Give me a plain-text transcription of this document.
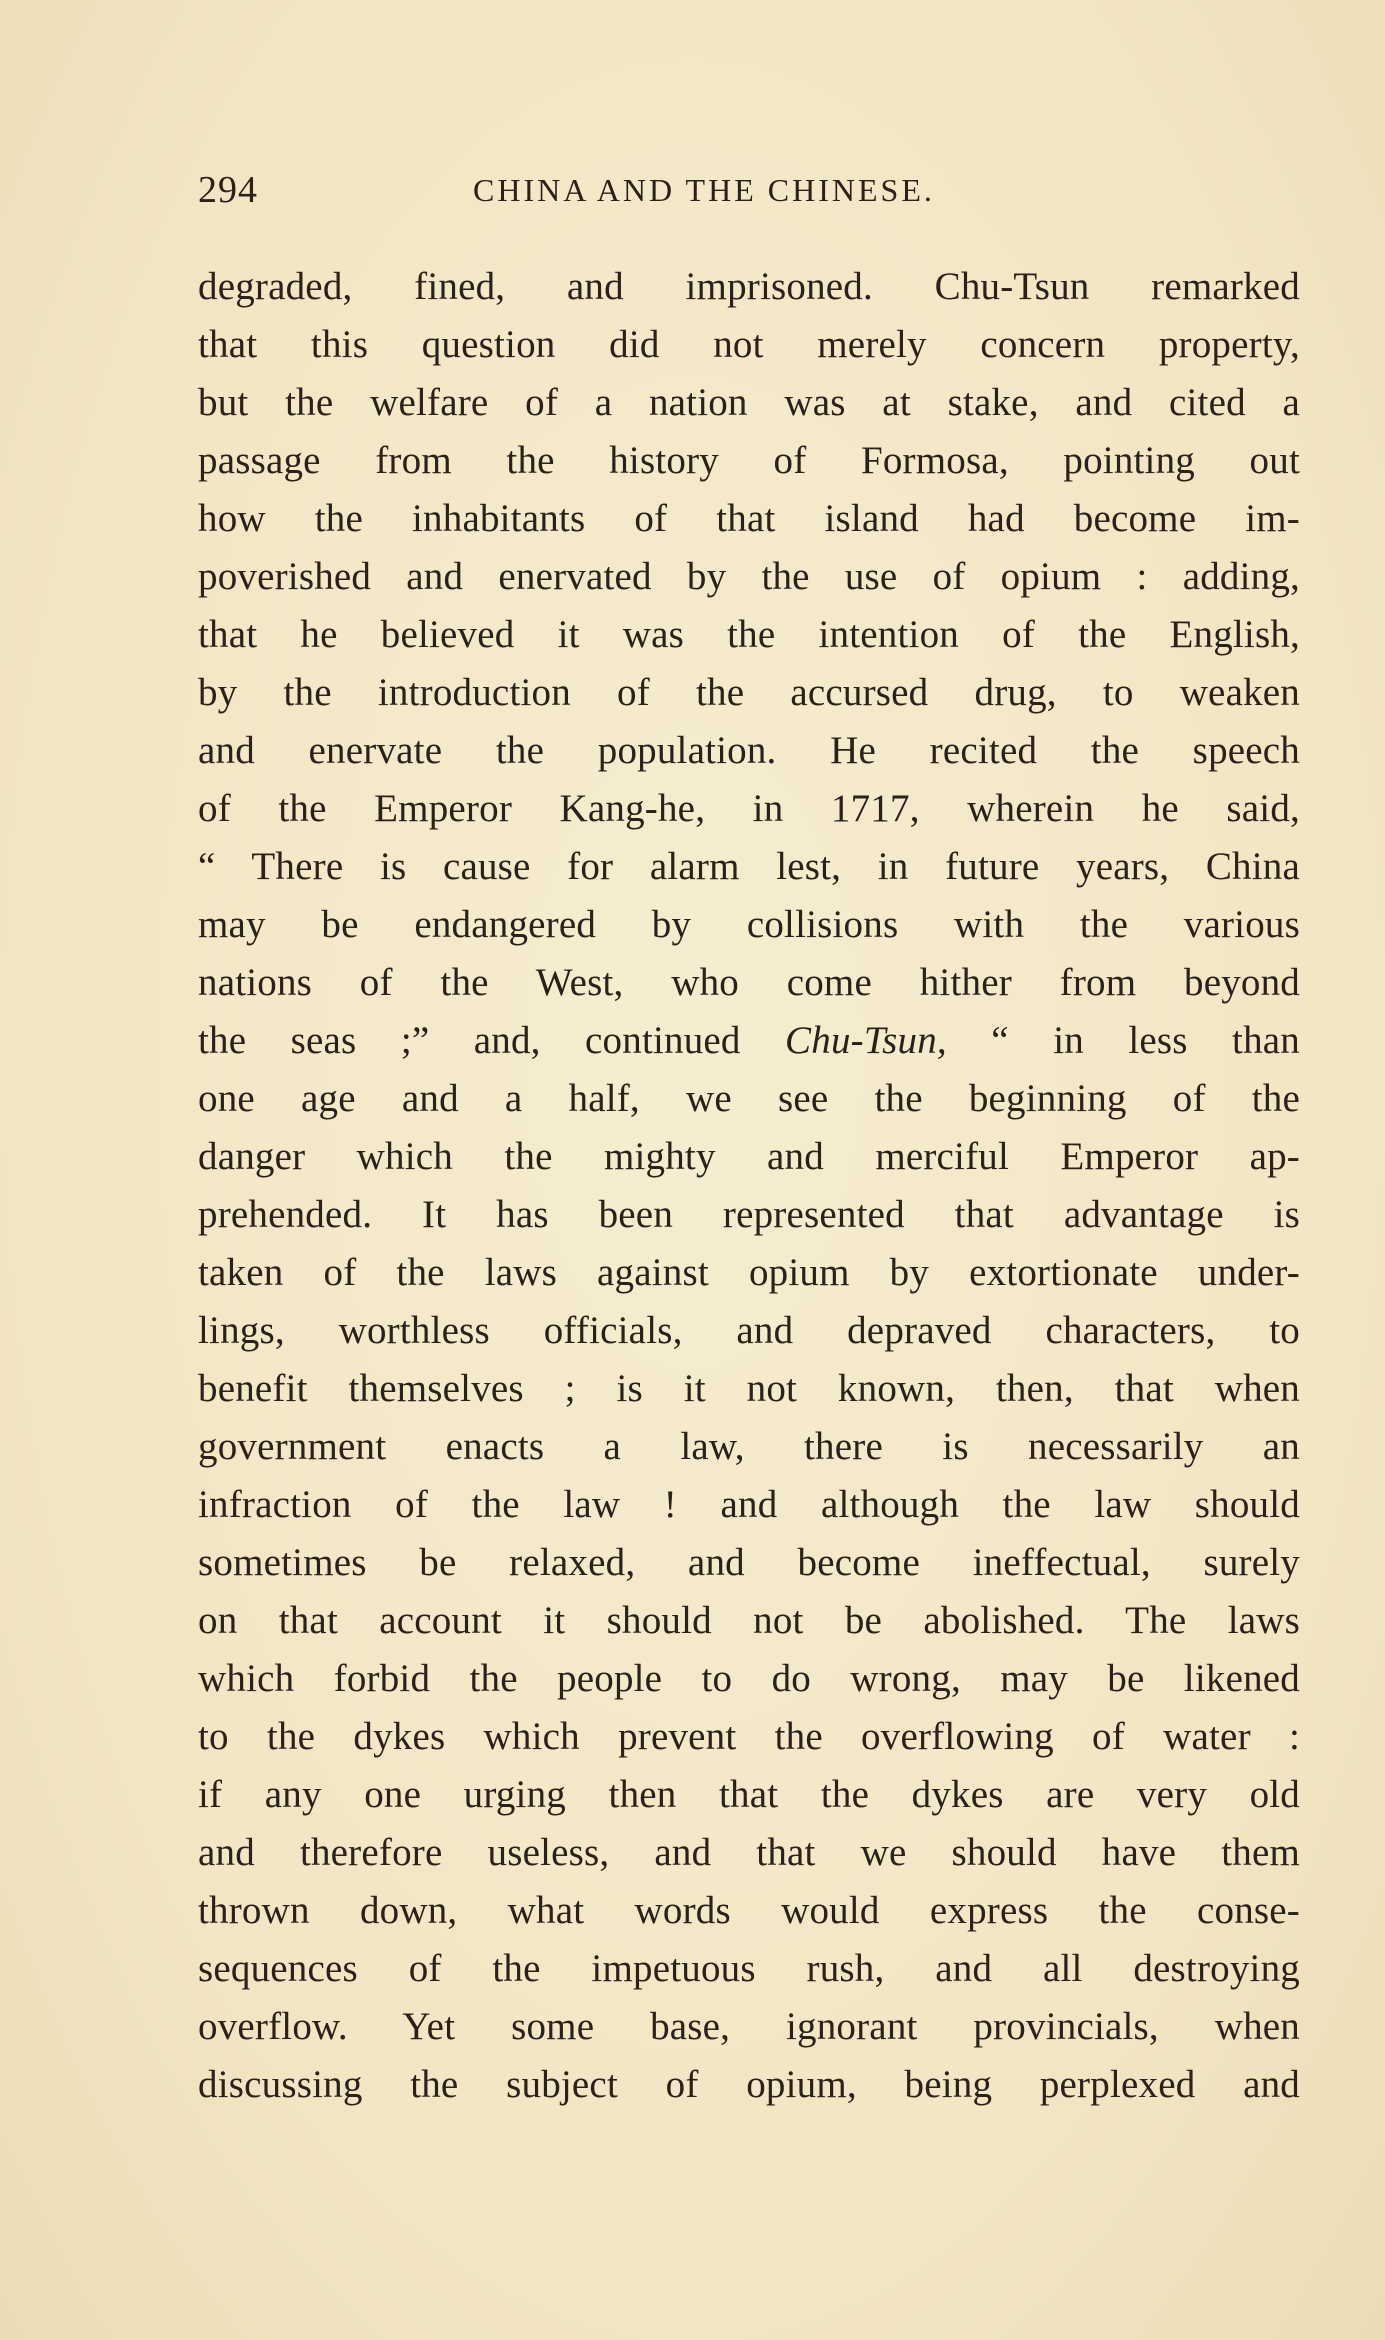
294	CHINA AND THE CHINESE.
degraded, fined, and imprisoned. Chu-Tsun remarked
that this question did not merely concern property,
but the welfare of a nation was at stake, and cited a
passage from the history of Formosa, pointing out
how the inhabitants of that island had become im-
poverished and enervated by the use of opium : adding,
that he believed it was the intention of the English,
by the introduction of the accursed drug, to weaken
and enervate the population. He recited the speech
of the Emperor Kang-he, in 1717, wherein he said,
“ There is cause for alarm lest, in future years, China
may be endangered by collisions with the various
nations of the West, who come hither from beyond
the seas ;” and, continued Chu-Tsun, “ in less than
one age and a half, we see the beginning of the
danger which the mighty and merciful Emperor ap-
prehended. It has been represented that advantage is
taken of the laws against opium by extortionate under-
lings, worthless officials, and depraved characters, to
benefit themselves ; is it not known, then, that when
government enacts a law, there is necessarily an
infraction of the law ! and although the law should
sometimes be relaxed, and become ineffectual, surely
on that account it should not be abolished. The laws
which forbid the people to do wrong, may be likened
to the dykes which prevent the overflowing of water :
if any one urging then that the dykes are very old
and therefore useless, and that we should have them
thrown down, what words would express the conse-
sequences of the impetuous rush, and all destroying
overflow. Yet some base, ignorant provincials, when
discussing the subject of opium, being perplexed and
